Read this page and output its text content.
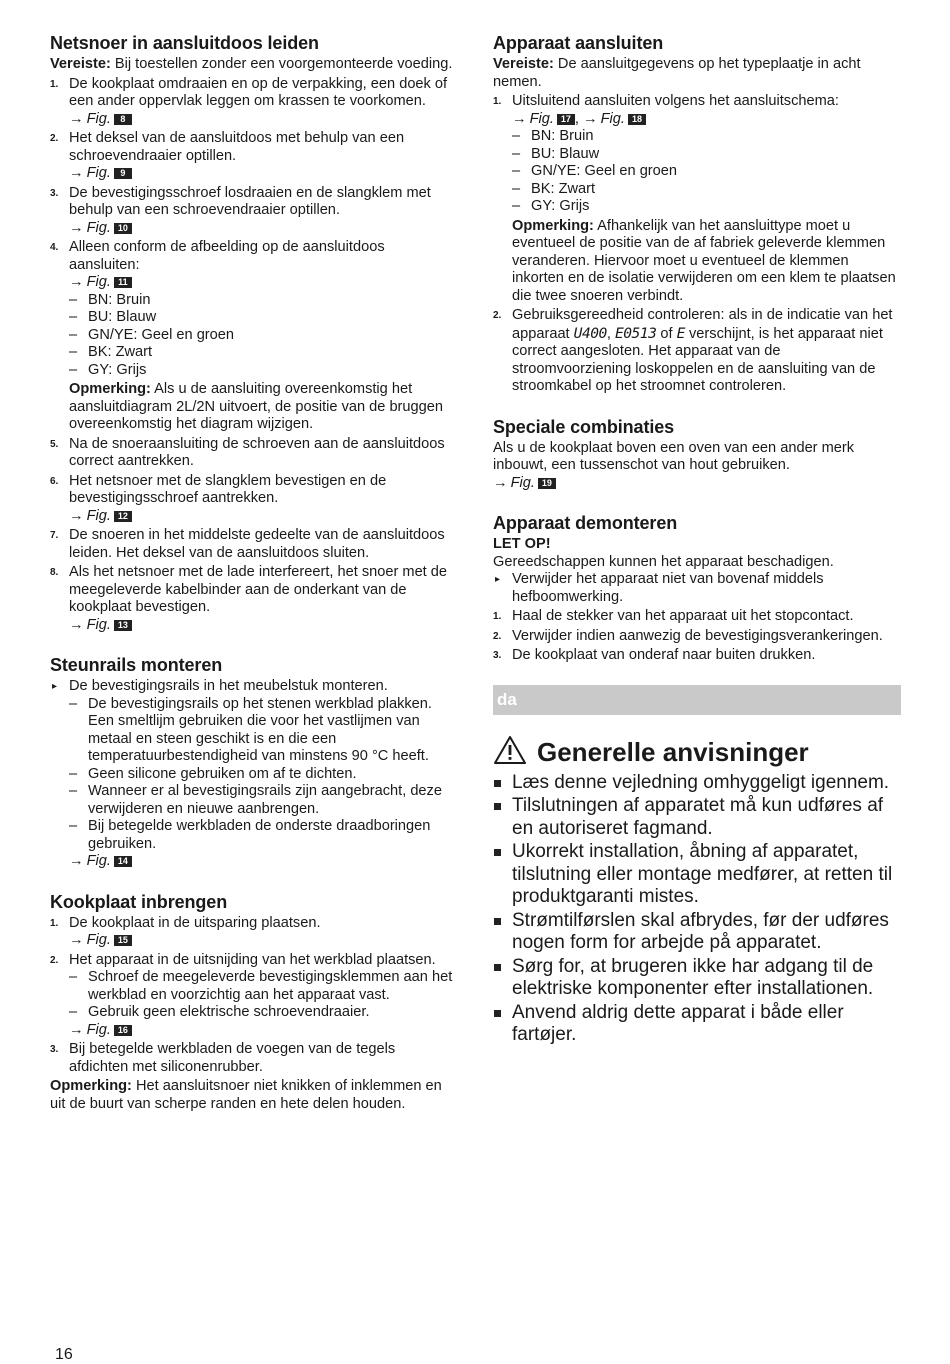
Netsnoer in aansluitdoos leiden

Vereiste: Bij toestellen zonder een voorgemonteerde voeding.

1. De kookplaat omdraaien en op de verpakking, een doek of een ander oppervlak leggen om krassen te voorkomen.
→ Fig. 8
2. Het deksel van de aansluitdoos met behulp van een schroevendraaier optillen.
→ Fig. 9
3. De bevestigingsschroef losdraaien en de slangklem met behulp van een schroevendraaier optillen.
→ Fig. 10
4. Alleen conform de afbeelding op de aansluitdoos aansluiten:
→ Fig. 11
– BN: Bruin
– BU: Blauw
– GN/YE: Geel en groen
– BK: Zwart
– GY: Grijs

Opmerking: Als u de aansluiting overeenkomstig het aansluitdiagram 2L/2N uitvoert, de positie van de bruggen overeenkomstig het diagram wijzigen.

5. Na de snoeraansluiting de schroeven aan de aansluitdoos correct aantrekken.
6. Het netsnoer met de slangklem bevestigen en de bevestigingsschroef aantrekken.
→ Fig. 12
7. De snoeren in het middelste gedeelte van de aansluitdoos leiden. Het deksel van de aansluitdoos sluiten.
8. Als het netsnoer met de lade interfereert, het snoer met de meegeleverde kabelbinder aan de onderkant van de kookplaat bevestigen.
→ Fig. 13
Steunrails monteren
▸ De bevestigingsrails in het meubelstuk monteren.
– De bevestigingsrails op het stenen werkblad plakken. Een smeltlijm gebruiken die voor het vastlijmen van metaal en steen geschikt is en die een temperatuurbestendigheid van minstens 90 °C heeft.
– Geen silicone gebruiken om af te dichten.
– Wanneer er al bevestigingsrails zijn aangebracht, deze verwijderen en nieuwe aanbrengen.
– Bij betegelde werkbladen de onderste draadboringen gebruiken.
→ Fig. 14
Kookplaat inbrengen
1. De kookplaat in de uitsparing plaatsen.
→ Fig. 15
2. Het apparaat in de uitsnijding van het werkblad plaatsen.
– Schroef de meegeleverde bevestigingsklemmen aan het werkblad en voorzichtig aan het apparaat vast.
– Gebruik geen elektrische schroevendraaier.
→ Fig. 16
3. Bij betegelde werkbladen de voegen van de tegels afdichten met siliconenrubber.

Opmerking: Het aansluitsnoer niet knikken of inklemmen en uit de buurt van scherpe randen en hete delen houden.

Apparaat aansluiten

Vereiste: De aansluitgegevens op het typeplaatje in acht nemen.

1. Uitsluitend aansluiten volgens het aansluitschema:
→ Fig. 17 , → Fig. 18
– BN: Bruin
– BU: Blauw
– GN/YE: Geel en groen
– BK: Zwart
– GY: Grijs

Opmerking: Afhankelijk van het aansluittype moet u eventueel de positie van de af fabriek geleverde klemmen veranderen. Hiervoor moet u eventueel de klemmen inkorten en de isolatie verwijderen om een klem te plaatsen die twee snoeren verbindt.

2. Gebruiksgereedheid controleren: als in de indicatie van het apparaat U400, E0513 of E verschijnt, is het apparaat niet correct aangesloten. Het apparaat van de stroomvoorziening loskoppelen en de aansluiting van de stroomkabel op het stroomnet controleren.
Speciale combinaties

Als u de kookplaat boven een oven van een ander merk inbouwt, een tussenschot van hout gebruiken.

→ Fig. 19
Apparaat demonteren

LET OP!

Gereedschappen kunnen het apparaat beschadigen.

▸ Verwijder het apparaat niet van bovenaf middels hefboomwerking.
1. Haal de stekker van het apparaat uit het stopcontact.
2. Verwijder indien aanwezig de bevestigingsverankeringen.
3. De kookplaat van onderaf naar buiten drukken.
da
Generelle anvisninger
Læs denne vejledning omhyggeligt igennem.
Tilslutningen af apparatet må kun udføres af en autoriseret fagmand.
Ukorrekt installation, åbning af apparatet, tilslutning eller montage medfører, at retten til produktgaranti mistes.
Strømtilførslen skal afbrydes, før der udføres nogen form for arbejde på apparatet.
Sørg for, at brugeren ikke har adgang til de elektriske komponenter efter installationen.
Anvend aldrig dette apparat i både eller fartøjer.
16
